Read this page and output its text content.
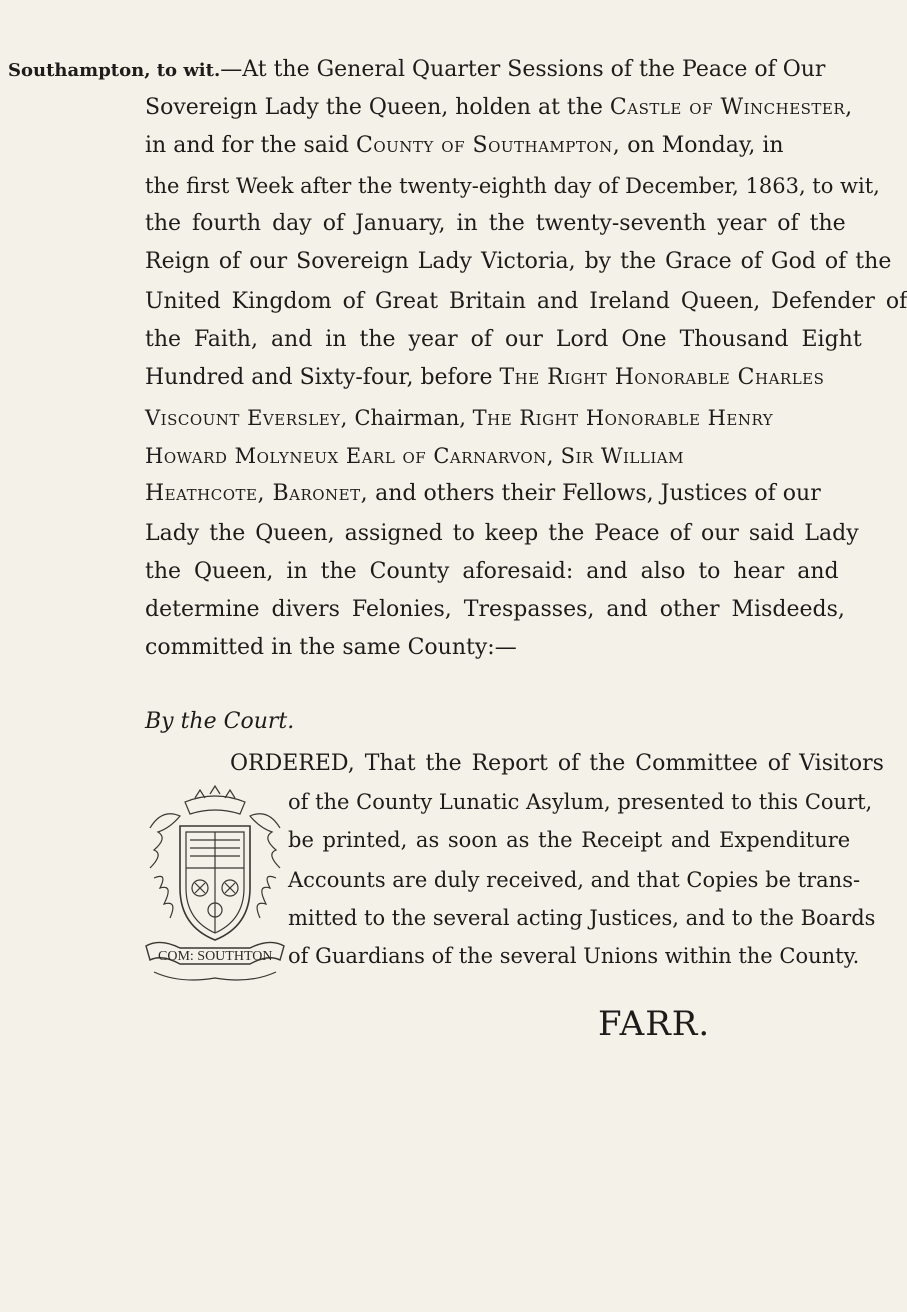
Southampton, to wit.—At the General Quarter Sessions of the Peace of Our
Sovereign Lady the Queen, holden at the Castle of Winchester,
in and for the said County of Southampton, on Monday, in
the first Week after the twenty-eighth day of December, 1863, to wit,
the fourth day of January, in the twenty-seventh year of the
Reign of our Sovereign Lady Victoria, by the Grace of God of the
United Kingdom of Great Britain and Ireland Queen, Defender of
the Faith, and in the year of our Lord One Thousand Eight
Hundred and Sixty-four, before The Right Honorable Charles
Viscount Eversley, Chairman, The Right Honorable Henry
Howard Molyneux Earl of Carnarvon, Sir William
Heathcote, Baronet, and others their Fellows, Justices of our
Lady the Queen, assigned to keep the Peace of our said Lady
the Queen, in the County aforesaid: and also to hear and
determine divers Felonies, Trespasses, and other Misdeeds,
committed in the same County:—
By the Court.
ORDERED, That the Report of the Committee of Visitors
of the County Lunatic Asylum, presented to this Court,
be printed, as soon as the Receipt and Expenditure
Accounts are duly received, and that Copies be trans-
mitted to the several acting Justices, and to the Boards
of Guardians of the several Unions within the County.
COM: SOUTHTON
FARR.
